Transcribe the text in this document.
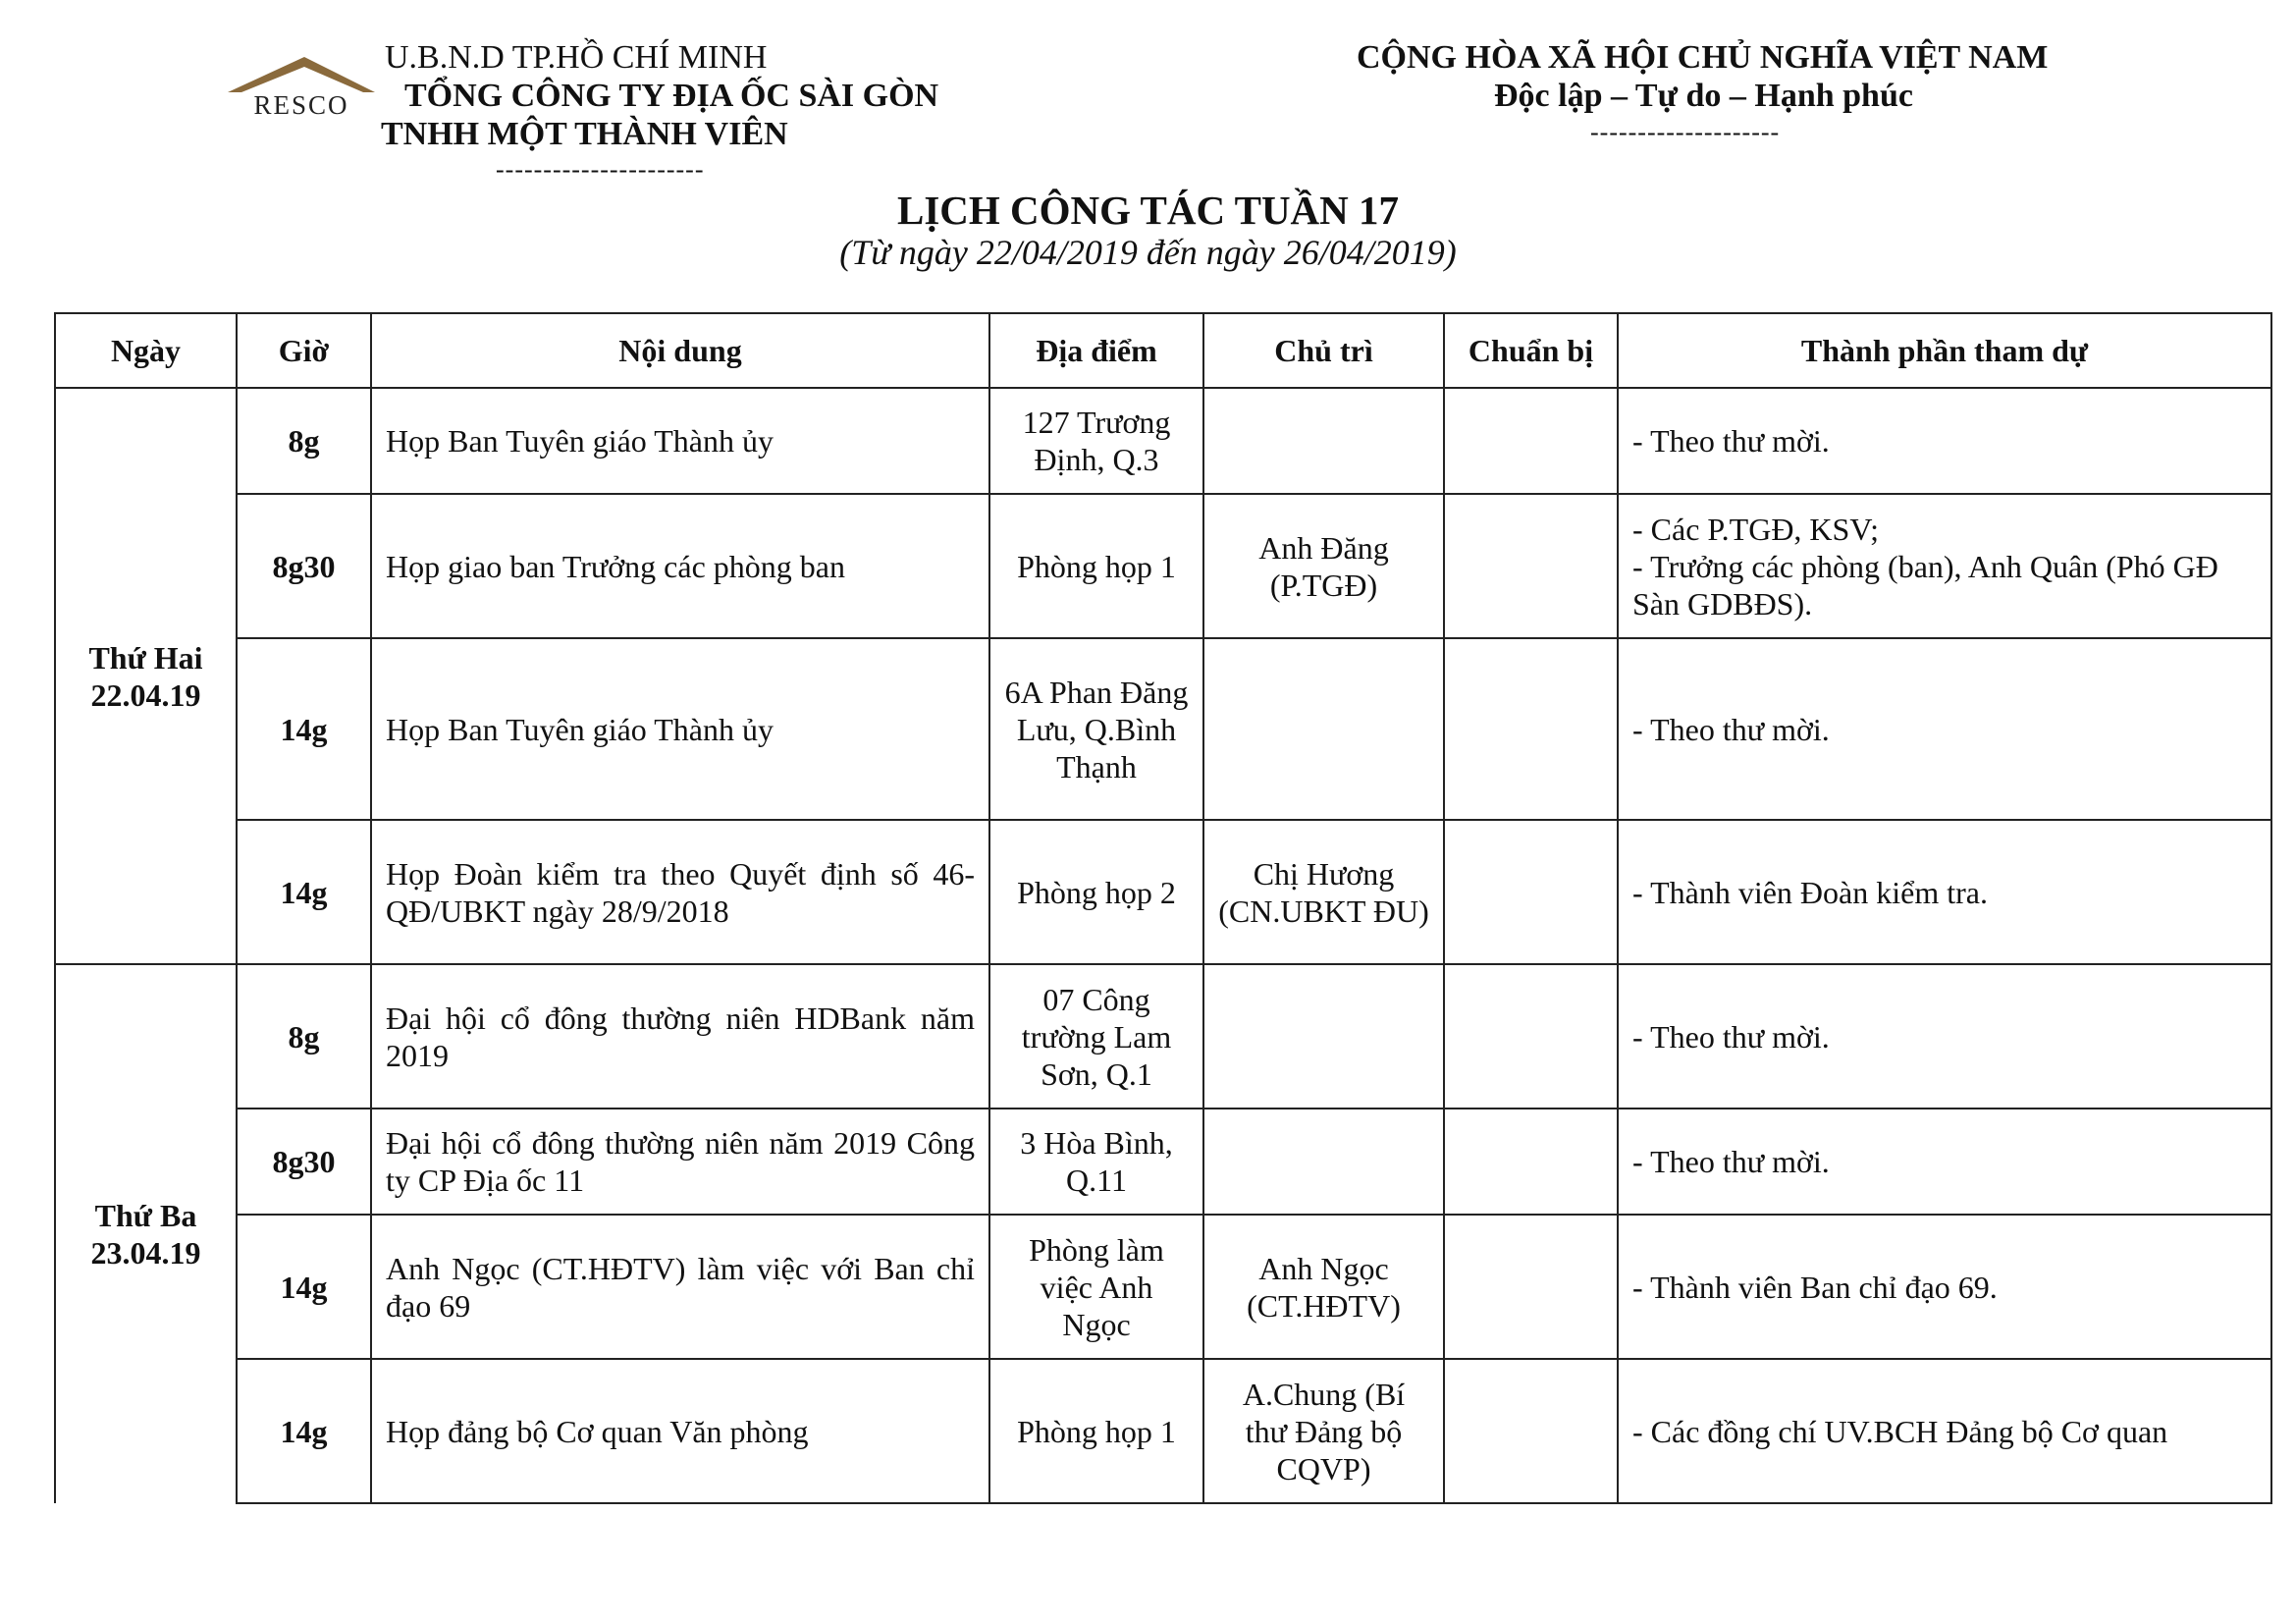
RESCO
U.B.N.D TP.HỒ CHÍ MINH
TỔNG CÔNG TY ĐỊA ỐC SÀI GÒN
TNHH MỘT THÀNH VIÊN
----------------------
CỘNG HÒA XÃ HỘI CHỦ NGHĨA VIỆT NAM
Độc lập – Tự do – Hạnh phúc
--------------------
LỊCH CÔNG TÁC TUẦN 17
(Từ ngày 22/04/2019 đến ngày 26/04/2019)
Ngày	Giờ	Nội dung	Địa điểm	Chủ trì	Chuẩn bị	Thành phần tham dự

Thứ Hai
22.04.19	8g	Họp Ban Tuyên giáo Thành ủy	127 Trương Định, Q.3			- Theo thư mời.
	8g30	Họp giao ban Trưởng các phòng ban	Phòng họp 1	Anh Đăng (P.TGĐ)		- Các P.TGĐ, KSV;
- Trưởng các phòng (ban), Anh Quân (Phó GĐ Sàn GDBĐS).
	14g	Họp Ban Tuyên giáo Thành ủy	6A Phan Đăng Lưu, Q.Bình Thạnh			- Theo thư mời.
	14g	Họp Đoàn kiểm tra theo Quyết định số 46-QĐ/UBKT ngày 28/9/2018	Phòng họp 2	Chị Hương (CN.UBKT ĐU)		- Thành viên Đoàn kiểm tra.

Thứ Ba
23.04.19	8g	Đại hội cổ đông thường niên HDBank năm 2019	07 Công trường Lam Sơn, Q.1			- Theo thư mời.
	8g30	Đại hội cổ đông thường niên năm 2019 Công ty CP Địa ốc 11	3 Hòa Bình, Q.11			- Theo thư mời.
	14g	Anh Ngọc (CT.HĐTV) làm việc với Ban chỉ đạo 69	Phòng làm việc Anh Ngọc	Anh Ngọc (CT.HĐTV)		- Thành viên Ban chỉ đạo 69.
	14g	Họp đảng bộ Cơ quan Văn phòng	Phòng họp 1	A.Chung (Bí thư Đảng bộ CQVP)		- Các đồng chí UV.BCH Đảng bộ Cơ quan
